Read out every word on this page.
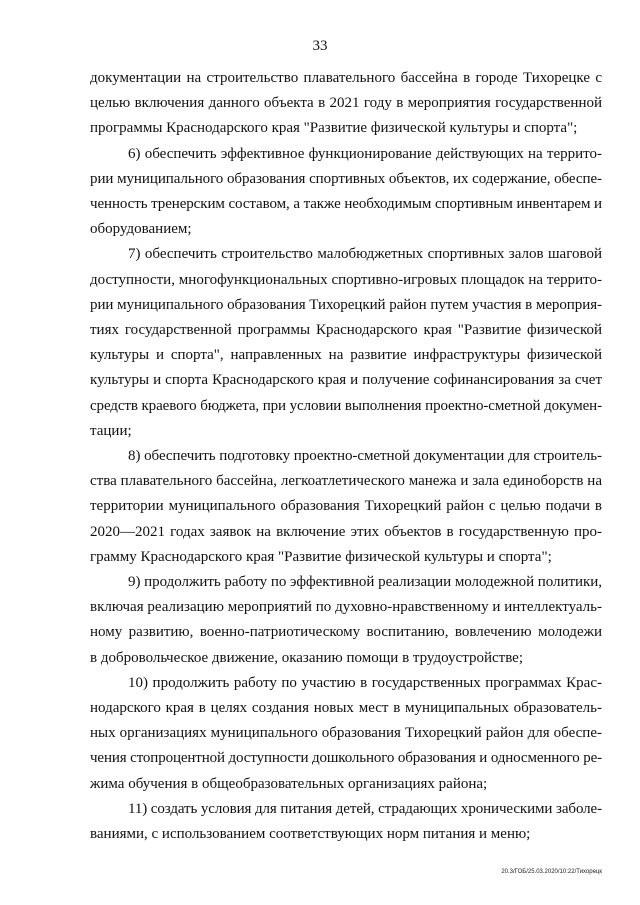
33

документации на строительство плавательного бассейна в городе Тихорецке с
целью включения данного объекта в 2021 году в мероприятия государственной
программы Краснодарского края "Развитие физической культуры и спорта";

6) обеспечить эффективное функционирование действующих на террито-
рии муниципального образования спортивных объектов, их содержание, обеспе-
ченность тренерским составом, а также необходимым спортивным инвентарем и
оборудованием;

7) обеспечить строительство малобюджетных спортивных залов шаговой
доступности, многофункциональных спортивно-игровых площадок на террито-
рии муниципального образования Тихорецкий район путем участия в мероприя-
тиях государственной программы Краснодарского края "Развитие физической
культуры и спорта", направленных на развитие инфраструктуры физической
культуры и спорта Краснодарского края и получение софинансирования за счет
средств краевого бюджета, при условии выполнения проектно-сметной докумен-
тации;

8) обеспечить подготовку проектно-сметной документации для строитель-
ства плавательного бассейна, легкоатлетического манежа и зала единоборств на
территории муниципального образования Тихорецкий район с целью подачи в
2020—2021 годах заявок на включение этих объектов в государственную про-
грамму Краснодарского края "Развитие физической культуры и спорта";

9) продолжить работу по эффективной реализации молодежной политики,
включая реализацию мероприятий по духовно-нравственному и интеллектуаль-
ному развитию, военно-патриотическому воспитанию, вовлечению молодежи
в добровольческое движение, оказанию помощи в трудоустройстве;

10) продолжить работу по участию в государственных программах Крас-
нодарского края в целях создания новых мест в муниципальных образователь-
ных организациях муниципального образования Тихорецкий район для обеспе-
чения стопроцентной доступности дошкольного образования и односменного ре-
жима обучения в общеобразовательных организациях района;

11) создать условия для питания детей, страдающих хроническими заболе-
ваниями, с использованием соответствующих норм питания и меню;

20.3/ГОБ/25.03.2020/10:22/Тихорецк
